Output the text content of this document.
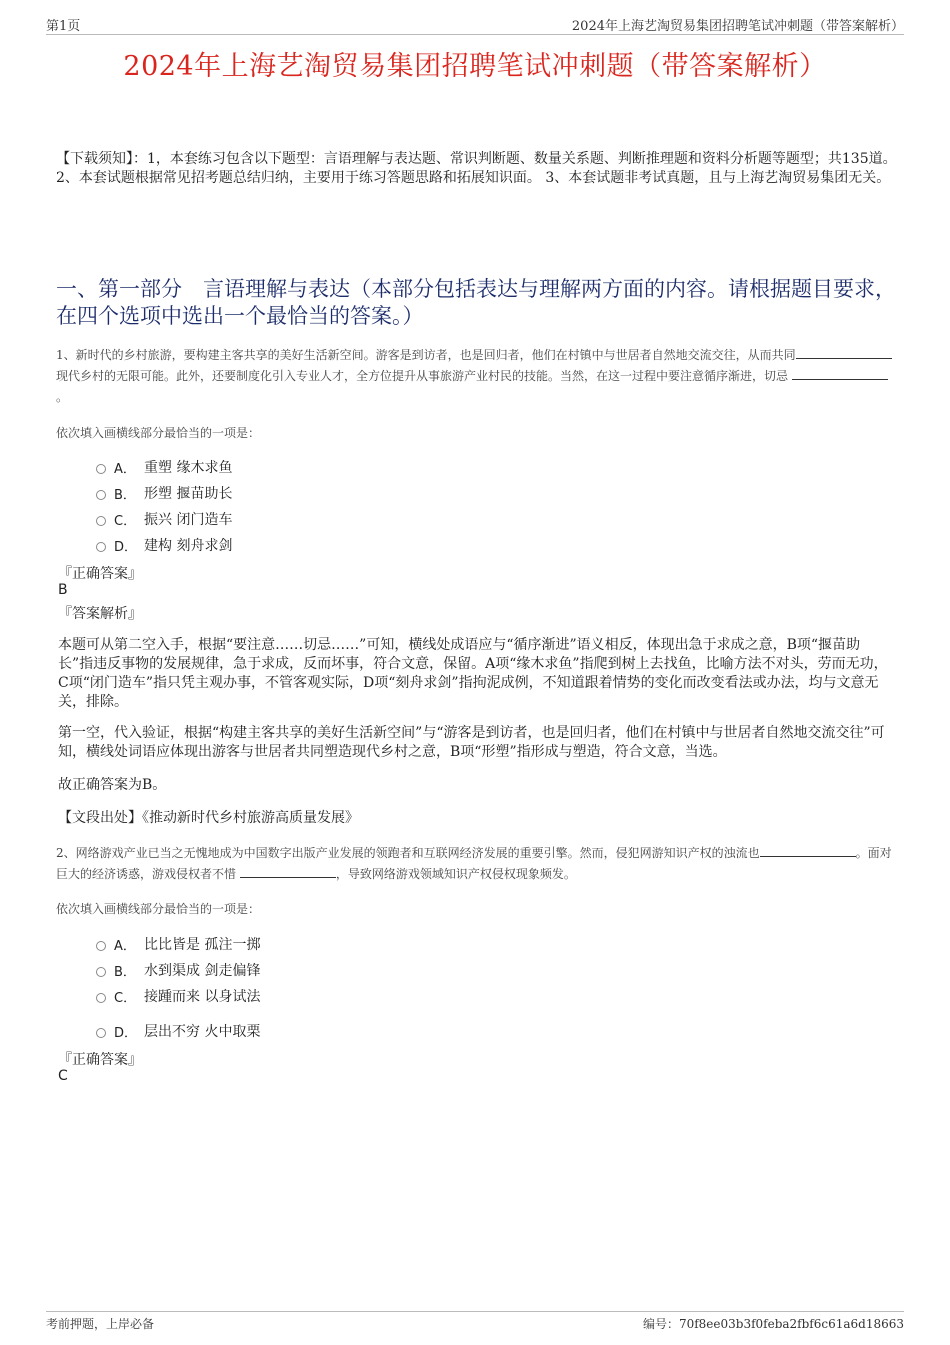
第1页	2024年上海艺淘贸易集团招聘笔试冲刺题（带答案解析）
2024年上海艺淘贸易集团招聘笔试冲刺题（带答案解析）
【下载须知】：1，本套练习包含以下题型：言语理解与表达题、常识判断题、数量关系题、判断推理题和资料分析题等题型；共135道。 2、本套试题根据常见招考题总结归纳，主要用于练习答题思路和拓展知识面。 3、本套试题非考试真题，且与上海艺淘贸易集团无关。
一、第一部分　言语理解与表达（本部分包括表达与理解两方面的内容。请根据题目要求，在四个选项中选出一个最恰当的答案。）
1、新时代的乡村旅游，要构建主客共享的美好生活新空间。游客是到访者，也是回归者，他们在村镇中与世居者自然地交流交往，从而共同现代乡村的无限可能。此外，还要制度化引入专业人才，全方位提升从事旅游产业村民的技能。当然，在这一过程中要注意循序渐进，切忌 。
依次填入画横线部分最恰当的一项是：
A． 重塑 缘木求鱼
B． 形塑 揠苗助长
C． 振兴 闭门造车
D． 建构 刻舟求剑
『正确答案』
B
『答案解析』
本题可从第二空入手，根据“要注意……切忌……”可知，横线处成语应与“循序渐进”语义相反，体现出急于求成之意，B项“揠苗助长”指违反事物的发展规律，急于求成，反而坏事，符合文意，保留。A项“缘木求鱼”指爬到树上去找鱼，比喻方法不对头，劳而无功，C项“闭门造车”指只凭主观办事，不管客观实际，D项“刻舟求剑”指拘泥成例，不知道跟着情势的变化而改变看法或办法，均与文意无关，排除。
第一空，代入验证，根据“构建主客共享的美好生活新空间”与“游客是到访者，也是回归者，他们在村镇中与世居者自然地交流交往”可知，横线处词语应体现出游客与世居者共同塑造现代乡村之意，B项“形塑”指形成与塑造，符合文意，当选。
故正确答案为B。
【文段出处】《推动新时代乡村旅游高质量发展》
2、网络游戏产业已当之无愧地成为中国数字出版产业发展的领跑者和互联网经济发展的重要引擎。然而，侵犯网游知识产权的浊流也	。面对巨大的经济诱惑，游戏侵权者不惜	，导致网络游戏领域知识产权侵权现象频发。
依次填入画横线部分最恰当的一项是：
A． 比比皆是 孤注一掷
B． 水到渠成 剑走偏锋
C． 接踵而来 以身试法
D． 层出不穷 火中取栗
『正确答案』
C
考前押题，上岸必备	编号：70f8ee03b3f0feba2fbf6c61a6d18663
